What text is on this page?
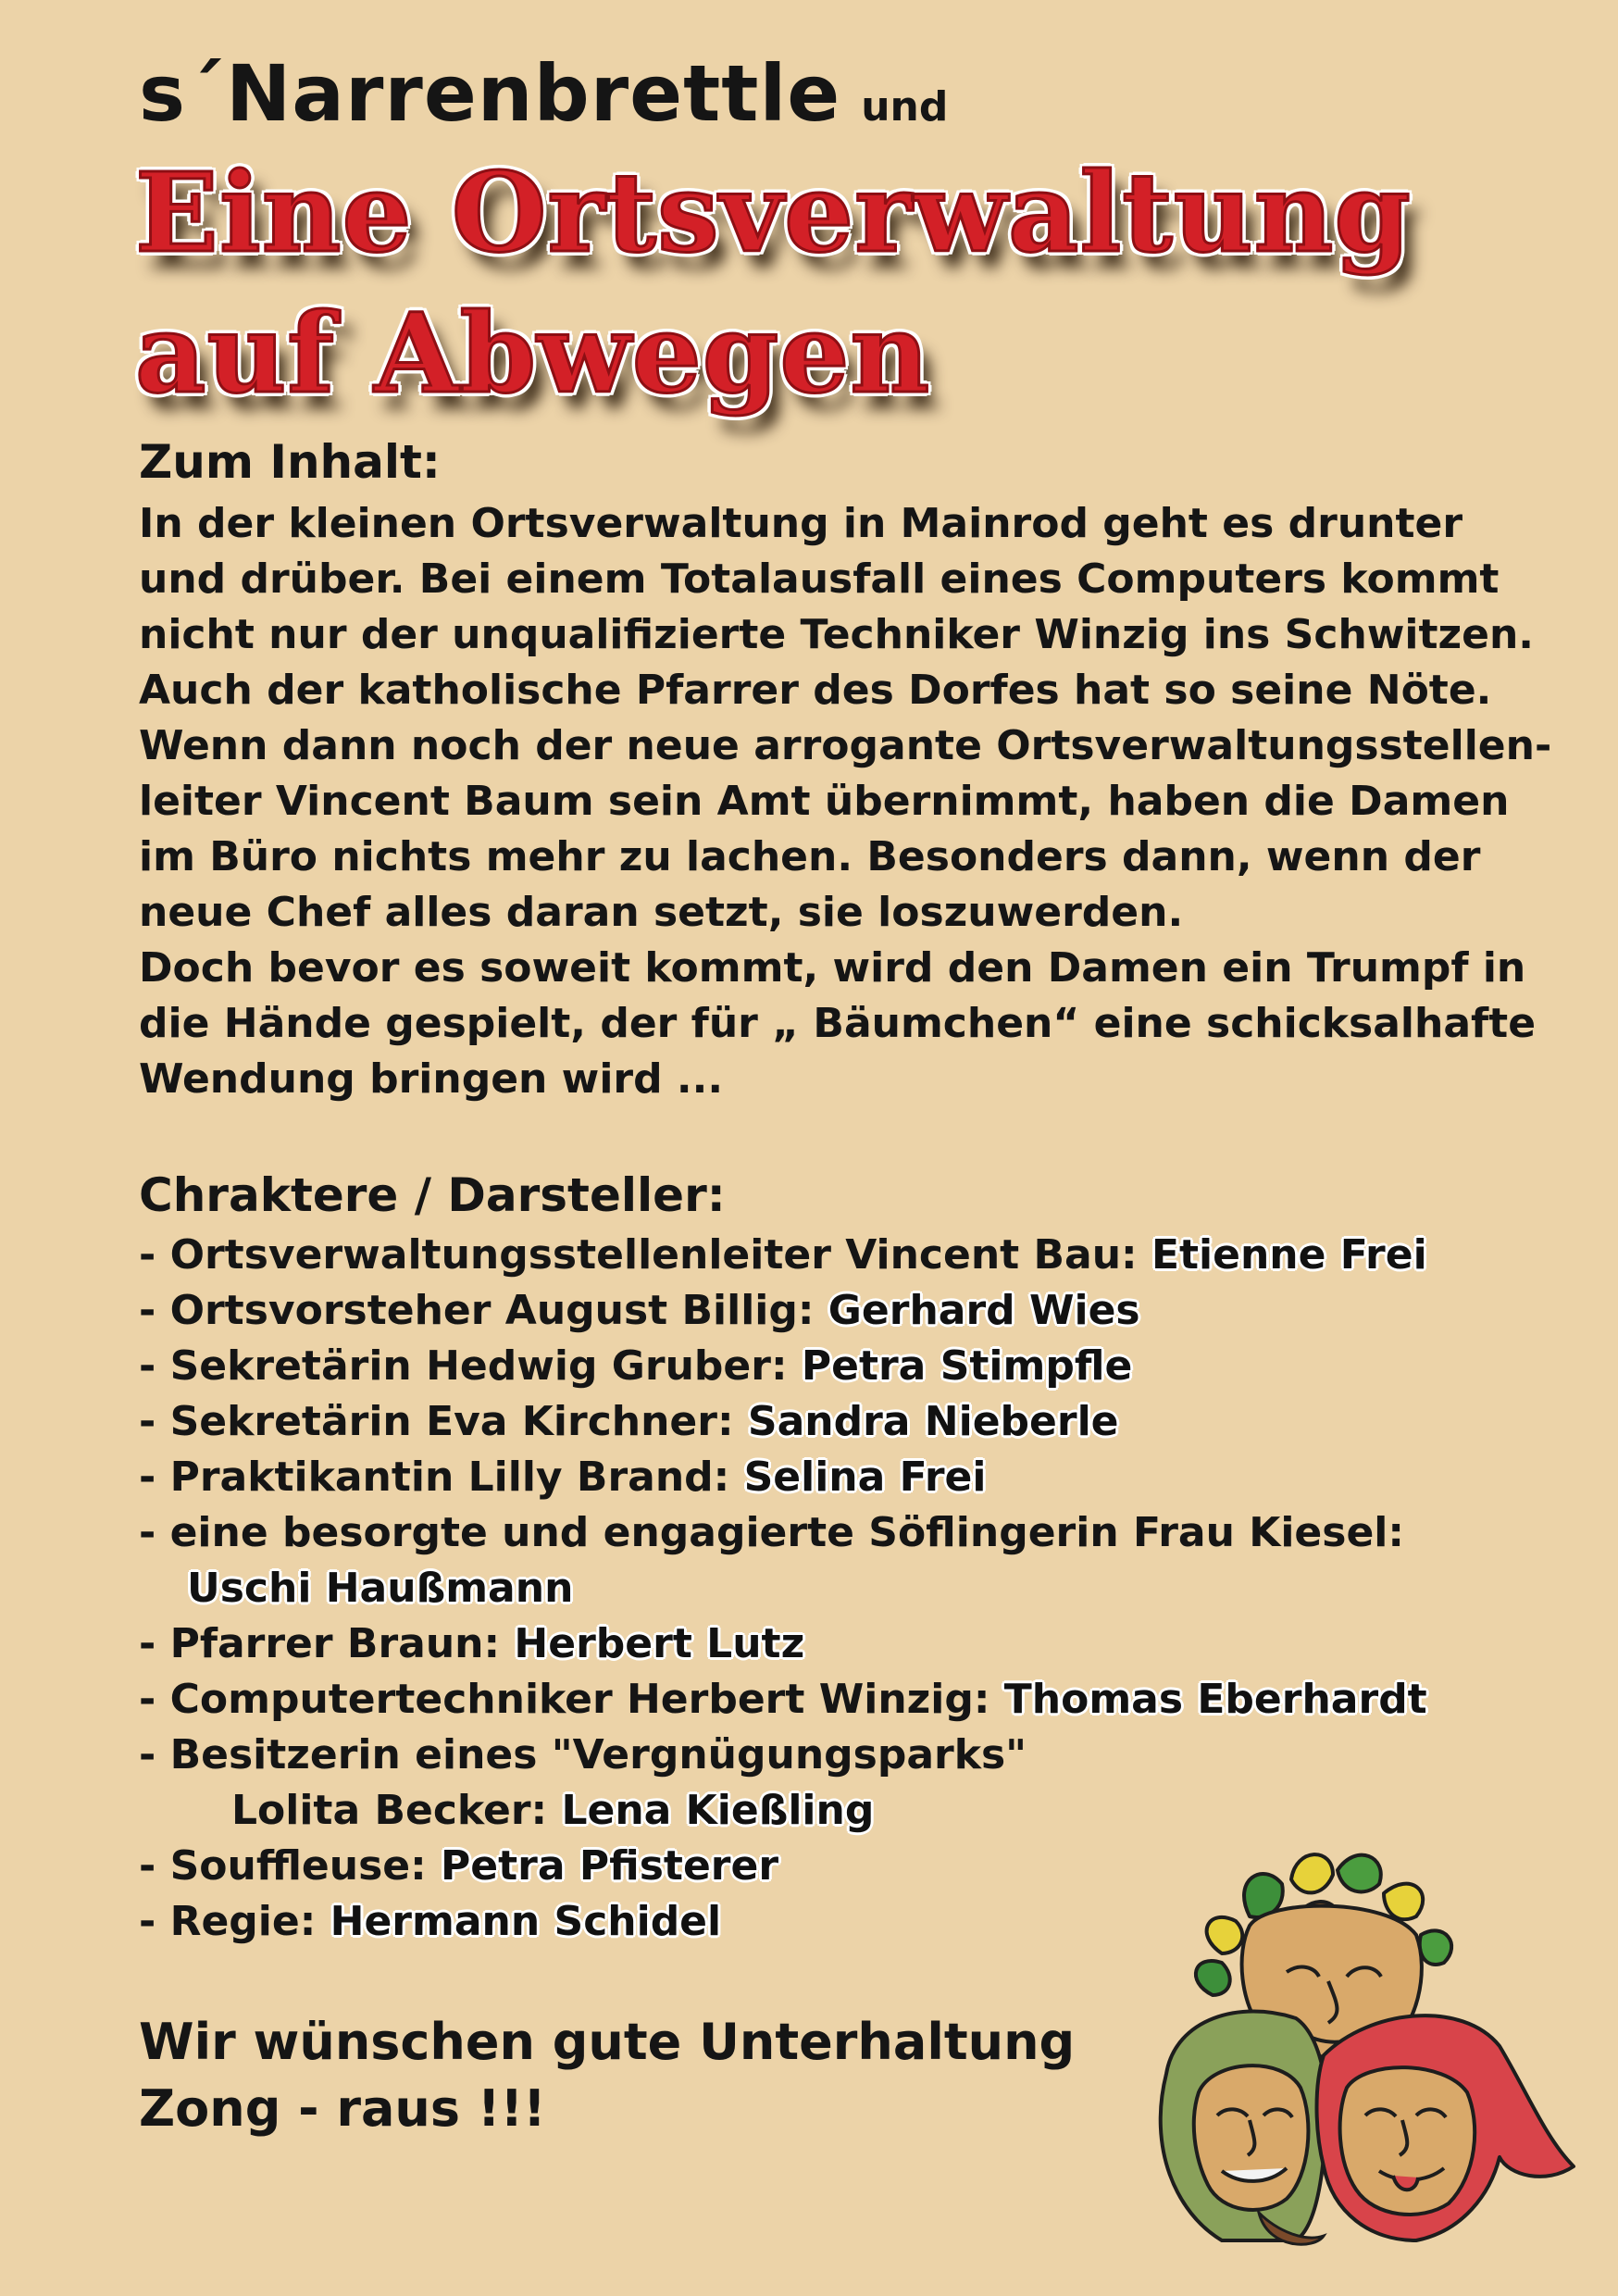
s´Narrenbrettle und
Eine Ortsverwaltung
auf Abwegen
Zum Inhalt:
In der kleinen Ortsverwaltung in Mainrod geht es drunter
und drüber. Bei einem Totalausfall eines Computers kommt
nicht nur der unqualifizierte Techniker Winzig ins Schwitzen.
Auch der katholische Pfarrer des Dorfes hat so seine Nöte.
Wenn dann noch der neue arrogante Ortsverwaltungsstellen-
leiter Vincent Baum sein Amt übernimmt, haben die Damen
im Büro nichts mehr zu lachen. Besonders dann, wenn der
neue Chef alles daran setzt, sie loszuwerden.
Doch bevor es soweit kommt, wird den Damen ein Trumpf in
die Hände gespielt, der für „ Bäumchen“ eine schicksalhafte
Wendung bringen wird ...
Chraktere / Darsteller:
- Ortsverwaltungsstellenleiter Vincent Bau: Etienne Frei
- Ortsvorsteher August Billig: Gerhard Wies
- Sekretärin Hedwig Gruber: Petra Stimpfle
- Sekretärin Eva Kirchner: Sandra Nieberle
- Praktikantin Lilly Brand: Selina Frei
- eine besorgte und engagierte Söflingerin Frau Kiesel:
Uschi Haußmann
- Pfarrer Braun: Herbert Lutz
- Computertechniker Herbert Winzig: Thomas Eberhardt
- Besitzerin eines "Vergnügungsparks"
Lolita Becker: Lena Kießling
- Souffleuse: Petra Pfisterer
- Regie: Hermann Schidel
Wir wünschen gute Unterhaltung
Zong - raus !!!
